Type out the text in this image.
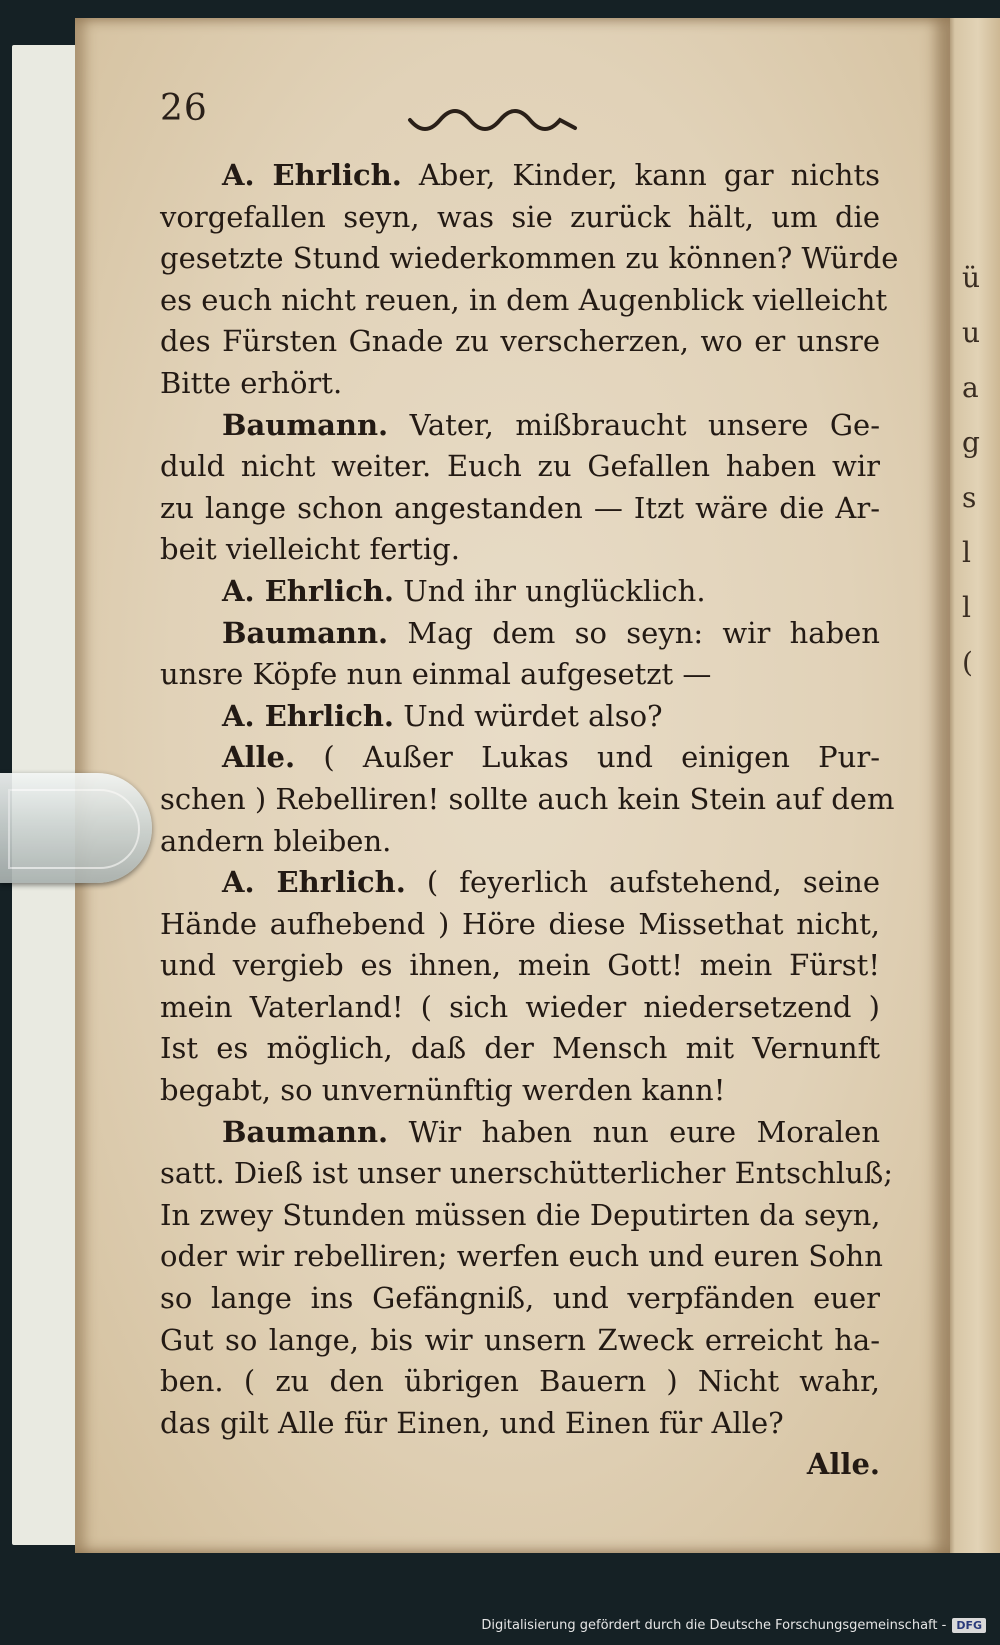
ü
u
a
g
s
l
l
(
26
A. Ehrlich. Aber, Kinder, kann gar nichts
vorgefallen seyn, was sie zurück hält, um die
gesetzte Stund wiederkommen zu können? Würde
es euch nicht reuen, in dem Augenblick vielleicht
des Fürsten Gnade zu verscherzen, wo er unsre
Bitte erhört.
Baumann. Vater, mißbraucht unsere Ge-
duld nicht weiter. Euch zu Gefallen haben wir
zu lange schon angestanden — Itzt wäre die Ar-
beit vielleicht fertig.
A. Ehrlich. Und ihr unglücklich.
Baumann. Mag dem so seyn: wir haben
unsre Köpfe nun einmal aufgesetzt —
A. Ehrlich. Und würdet also?
Alle. ( Außer Lukas und einigen Pur-
schen ) Rebelliren! sollte auch kein Stein auf dem
andern bleiben.
A. Ehrlich. ( feyerlich aufstehend, seine
Hände aufhebend ) Höre diese Missethat nicht,
und vergieb es ihnen, mein Gott! mein Fürst!
mein Vaterland! ( sich wieder niedersetzend )
Ist es möglich, daß der Mensch mit Vernunft
begabt, so unvernünftig werden kann!
Baumann. Wir haben nun eure Moralen
satt. Dieß ist unser unerschütterlicher Entschluß;
In zwey Stunden müssen die Deputirten da seyn,
oder wir rebelliren; werfen euch und euren Sohn
so lange ins Gefängniß, und verpfänden euer
Gut so lange, bis wir unsern Zweck erreicht ha-
ben. ( zu den übrigen Bauern ) Nicht wahr,
das gilt Alle für Einen, und Einen für Alle?
Alle.
Digitalisierung gefördert durch die Deutsche Forschungsgemeinschaft - DFG
